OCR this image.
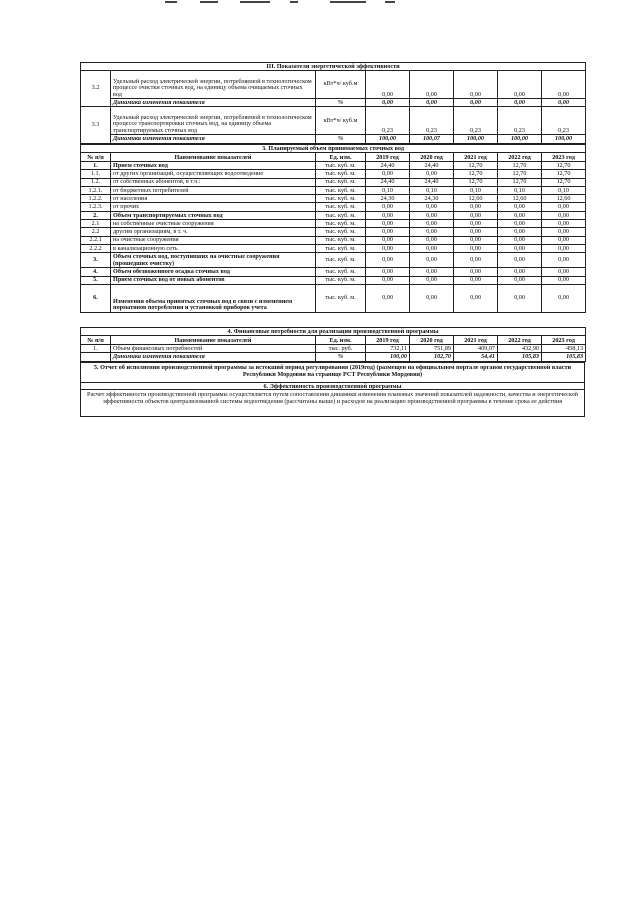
III. Показатели энергетической эффективности							
3.2	Удельный расход электрической энергии, потребляемой в технологическом процессе очистки сточных вод, на единицу объема очищаемых сточных вод	кВт*ч/ куб.м	0,00	0,00	0,00	0,00	0,00
	Динамика изменения показателя	%	0,00	0,00	0,00	0,00	0,00
3.3	Удельный расход электрической энергии, потребляемой в технологическом процессе транспортировки сточных вод, на единицу объема транспортируемых сточных вод	кВт*ч/ куб.м	0,23	0,23	0,23	0,23	0,23
	Динамика изменения показателя	%	100,00	100,07	100,00	100,00	100,00
3. Планируемый объем принимаемых сточных вод							
№ п/п	Наименование показателей	Ед. изм.	2019 год	2020 год	2021 год	2022 год	2023 год
1.	Прием сточных вод	тыс. куб. м.	24,40	24,40	12,70	12,70	12,70
1.1.	от других организаций, осуществляющих водоотведение	тыс. куб. м.	0,00	0,00	12,70	12,70	12,70
1.2.	от собственных абонентов, в т.ч.:	тыс. куб. м.	24,40	24,40	12,70	12,70	12,70
1.2.1.	от бюджетных потребителей	тыс. куб. м.	0,10	0,10	0,10	0,10	0,10
1.2.2.	от населения	тыс. куб. м.	24,30	24,30	12,60	12,60	12,60
1.2.3.	от прочих	тыс. куб. м.	0,00	0,00	0,00	0,00	0,00
2.	Объем транспортируемых сточных вод	тыс. куб. м.	0,00	0,00	0,00	0,00	0,00
2.1	на собственные очистные сооружения	тыс. куб. м.	0,00	0,00	0,00	0,00	0,00
2.2	другим организациям, в т. ч.	тыс. куб. м.	0,00	0,00	0,00	0,00	0,00
2.2.1	на очистные сооружения	тыс. куб. м.	0,00	0,00	0,00	0,00	0,00
2.2.2	в канализационную сеть	тыс. куб. м.	0,00	0,00	0,00	0,00	0,00
3.	Объем сточных вод, поступивших на очистные сооружения (прошедших очистку)	тыс. куб. м.	0,00	0,00	0,00	0,00	0,00
4.	Объем обезвоженного осадка сточных вод	тыс. куб. м.	0,00	0,00	0,00	0,00	0,00
5.	Прием сточных вод от новых абонентов	тыс. куб. м.	0,00	0,00	0,00	0,00	0,00
6.	Изменения объема принятых сточных вод в связи с изменением нормативов потребления и установкой приборов учета	тыс. куб. м.	0,00	0,00	0,00	0,00	0,00
4. Финансовые потребности для реализации производственной программы							
№ п/п	Наименование показателей	Ед. изм.	2019 год	2020 год	2021 год	2022 год	2023 год
1.	Объем финансовых потребностей	тыс. руб.	732,11	751,89	409,07	432,90	458,13
	Динамика изменения показателя	%	100,00	102,70	54,41	105,83	105,83
5. Отчет об исполнении производственной программы за истекший период регулирования (2019год) (размещен на официальном портале органов государственной власти Республики Мордовия на странице РСТ Республики Мордовия)
6. Эффективность производственной программы
Расчет эффективности производственной программы осуществляется путем сопоставления динамики изменения плановых значений показателей надежности, качества и энергетической эффективности объектов централизованной системы водоотведения (рассчитаны выше) и расходов на реализацию производственной программы в течение срока ее действия
